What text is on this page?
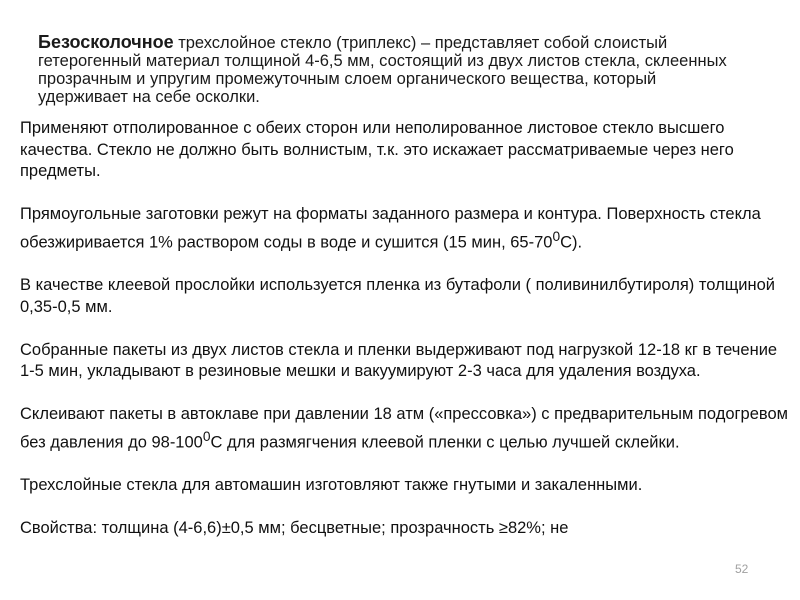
Безосколочное трехслойное стекло (триплекс) – представляет собой слоистый гетерогенный материал толщиной 4-6,5 мм, состоящий из двух листов стекла, склеенных прозрачным и упругим промежуточным слоем органического вещества, который удерживает на себе осколки.

Применяют отполированное с обеих сторон или неполированное листовое стекло высшего качества. Стекло не должно быть волнистым, т.к. это искажает рассматриваемые через него предметы.

Прямоугольные заготовки режут на форматы заданного размера и контура. Поверхность стекла обезжиривается 1% раствором соды в воде и сушится (15 мин, $65-70^0C$).

В качестве клеевой прослойки используется пленка из бутафоли ( поливинилбутироля) толщиной 0,35-0,5 мм.

Собранные пакеты из двух листов стекла и пленки выдерживают под нагрузкой 12-18 кг в течение 1-5 мин, укладывают в резиновые мешки и вакуумируют 2-3 часа для удаления воздуха.

Склеивают пакеты в автоклаве при давлении 18 атм («прессовка») с предварительным подогревом без давления до $98-100^0C$ для размягчения клеевой пленки с целью лучшей склейки.

Трехслойные стекла для автомашин изготовляют также гнутыми и закаленными.

Свойства: толщина (4-6,6)±0,5 мм; бесцветные; прозрачность ≥82%; не

52
